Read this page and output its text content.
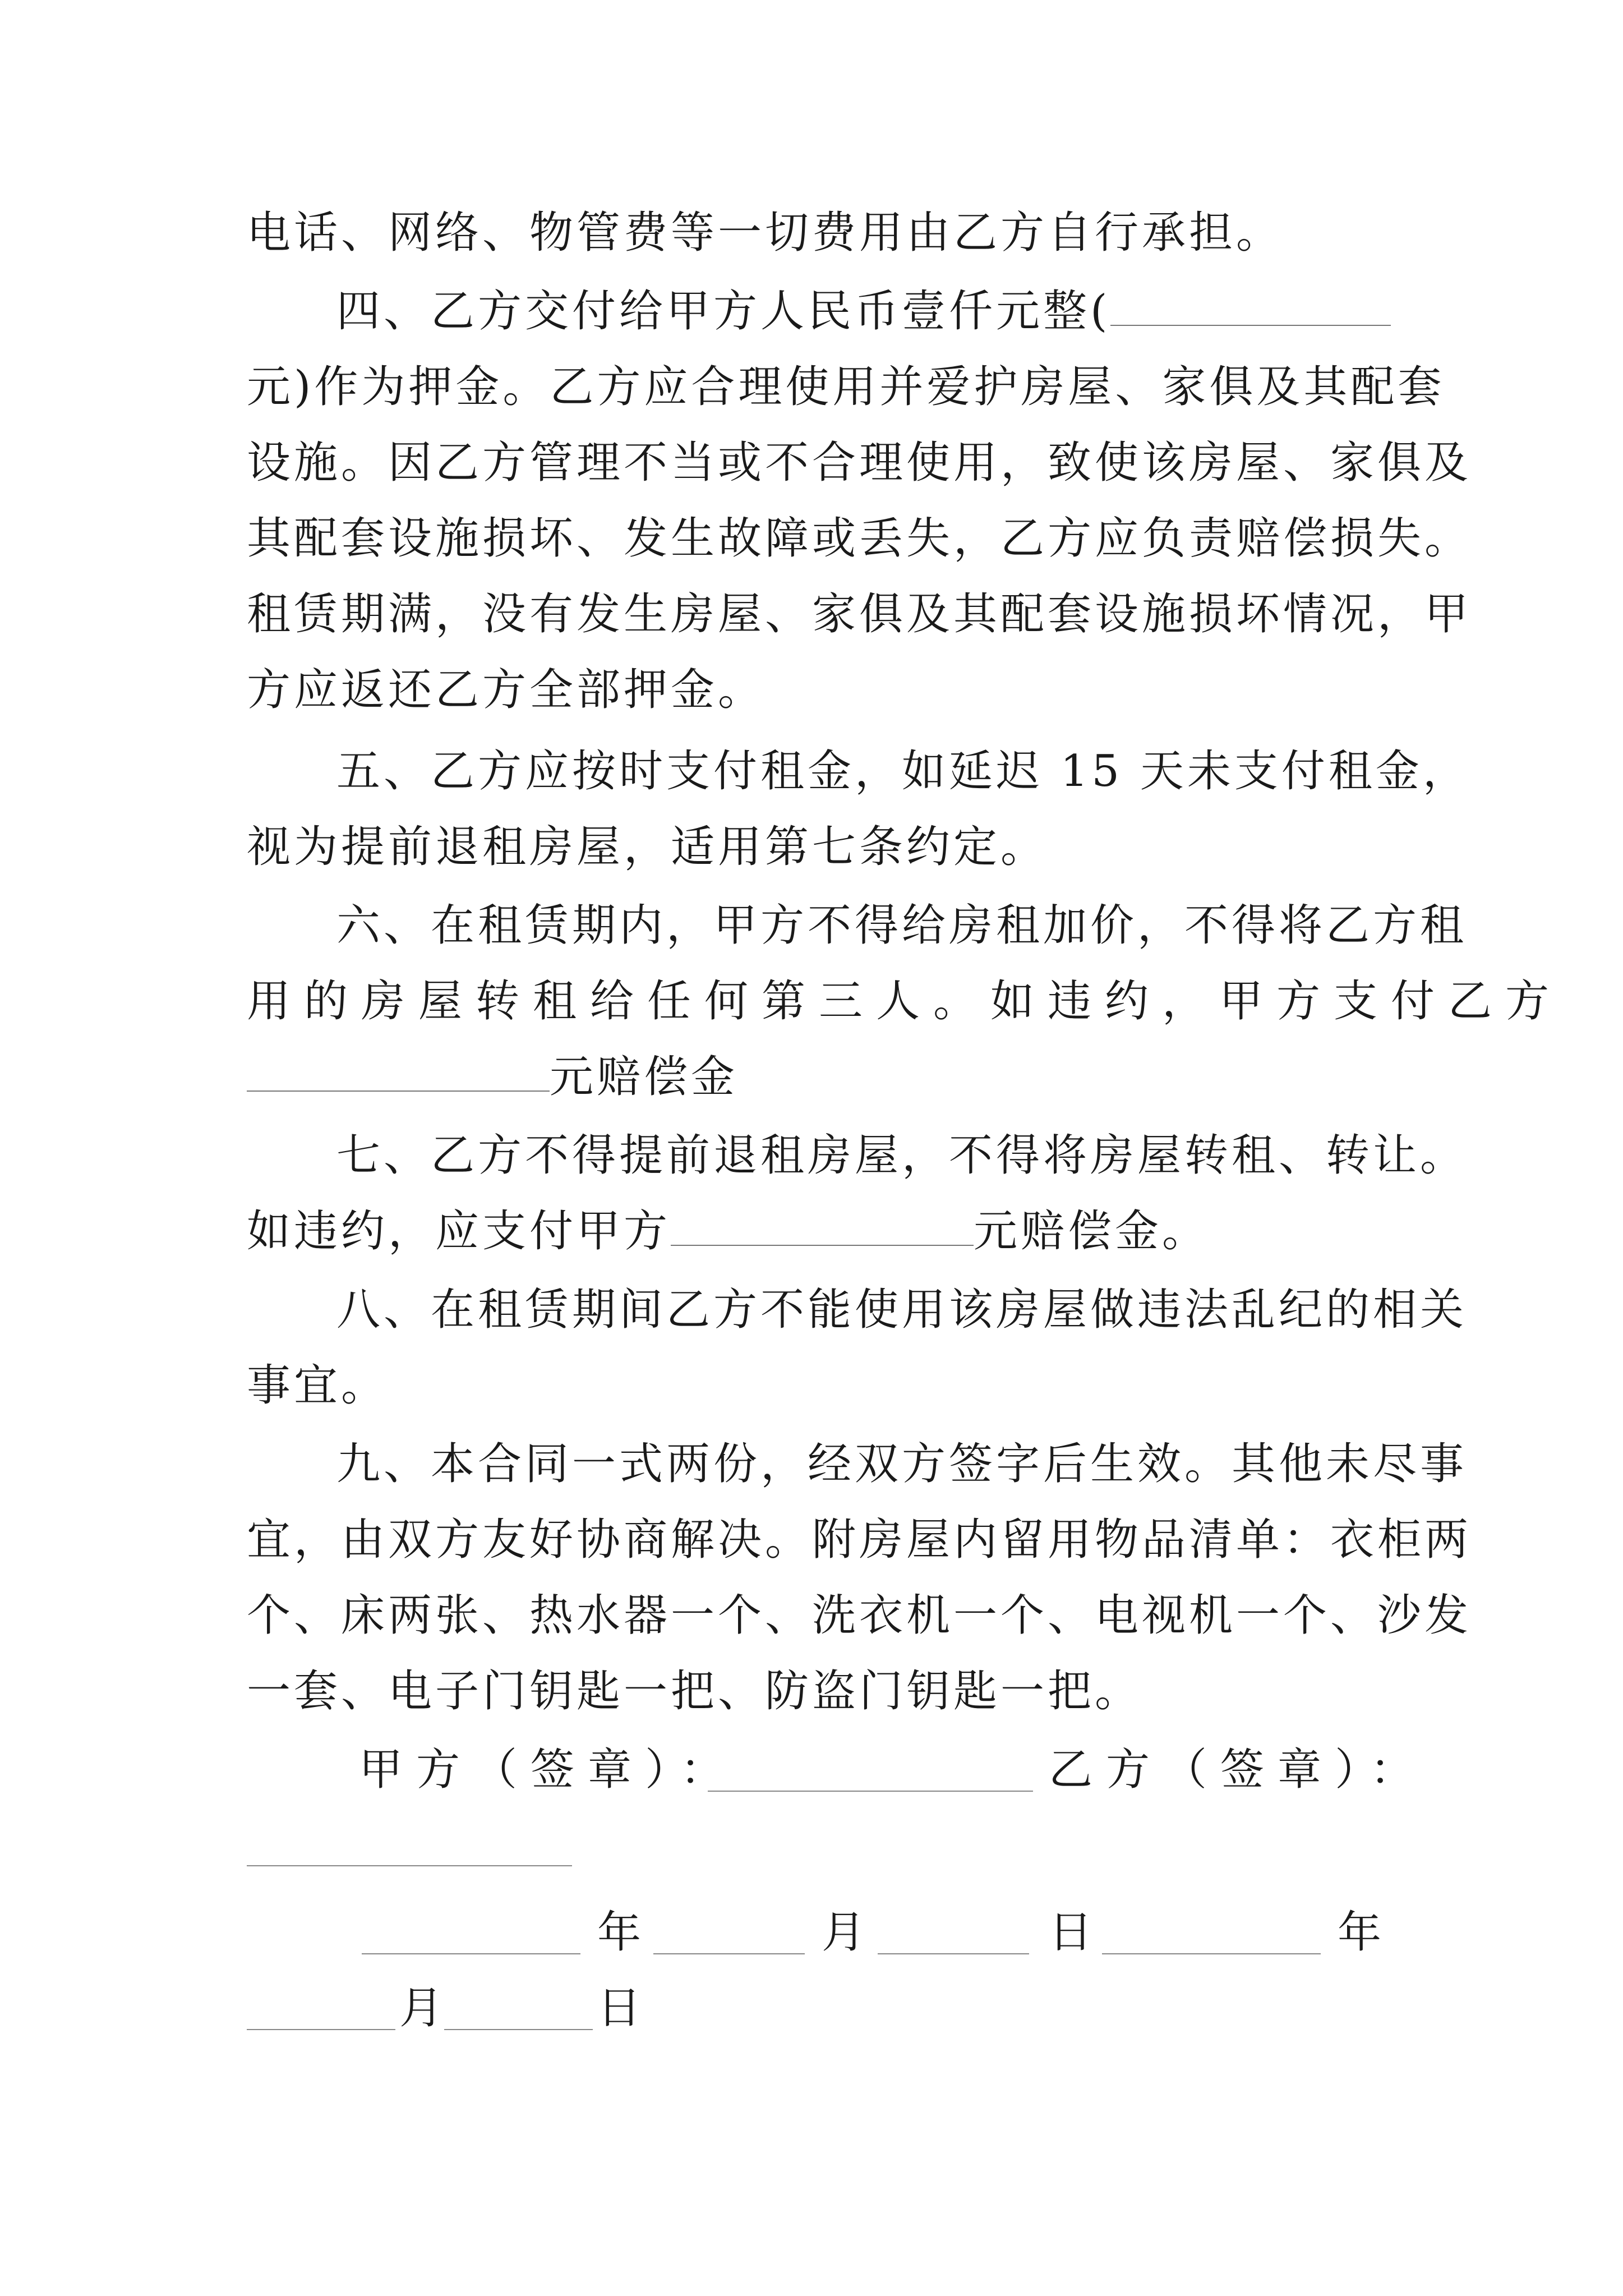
电话、网络、物管费等一切费用由乙方自行承担。
四、乙方交付给甲方人民币壹仟元整(
元)作为押金。乙方应合理使用并爱护房屋、家俱及其配套
设施。因乙方管理不当或不合理使用，致使该房屋、家俱及
其配套设施损坏、发生故障或丢失，乙方应负责赔偿损失。
租赁期满，没有发生房屋、家俱及其配套设施损坏情况，甲
方应返还乙方全部押金。
五、乙方应按时支付租金，如延迟 15 天未支付租金，
视为提前退租房屋，适用第七条约定。
六、在租赁期内，甲方不得给房租加价，不得将乙方租
用的房屋转租给任何第三人。如违约，甲方支付乙方
元赔偿金
七、乙方不得提前退租房屋，不得将房屋转租、转让。
如违约，应支付甲方	元赔偿金。
八、在租赁期间乙方不能使用该房屋做违法乱纪的相关
事宜。
九、本合同一式两份，经双方签字后生效。其他未尽事
宜，由双方友好协商解决。附房屋内留用物品清单：衣柜两
个、床两张、热水器一个、洗衣机一个、电视机一个、沙发
一套、电子门钥匙一把、防盗门钥匙一把。
甲方（签章）：	乙方（签章）：
年	月	日	年
月	日
